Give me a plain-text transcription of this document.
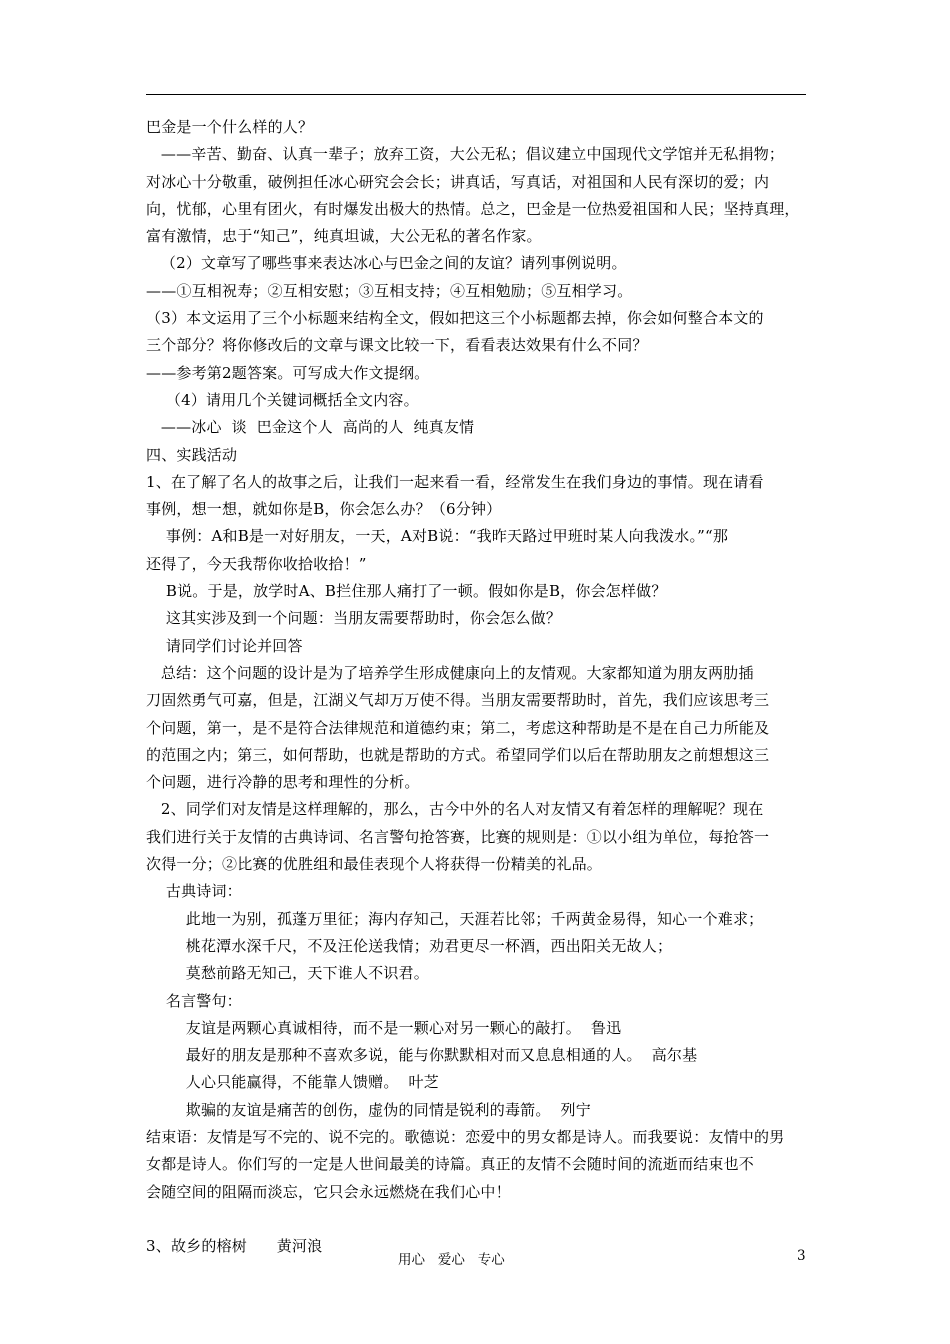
巴金是一个什么样的人？

——辛苦、勤奋、认真一辈子；放弃工资，大公无私；倡议建立中国现代文学馆并无私捐物；

对冰心十分敬重，破例担任冰心研究会会长；讲真话，写真话，对祖国和人民有深切的爱；内

向，忧郁，心里有团火，有时爆发出极大的热情。总之，巴金是一位热爱祖国和人民；坚持真理，

富有激情，忠于“知己”，纯真坦诚，大公无私的著名作家。

（2）文章写了哪些事来表达冰心与巴金之间的友谊？请列事例说明。

——①互相祝寿；②互相安慰；③互相支持；④互相勉励；⑤互相学习。

（3）本文运用了三个小标题来结构全文，假如把这三个小标题都去掉，你会如何整合本文的

三个部分？将你修改后的文章与课文比较一下，看看表达效果有什么不同？

——参考第2题答案。可写成大作文提纲。

（4）请用几个关键词概括全文内容。

——冰心  谈  巴金这个人  高尚的人  纯真友情

四、实践活动

1、在了解了名人的故事之后，让我们一起来看一看，经常发生在我们身边的事情。现在请看

事例，想一想，就如你是B，你会怎么办？（6分钟）

事例：A和B是一对好朋友，一天，A对B说：“我昨天路过甲班时某人向我泼水。”“那

还得了，今天我帮你收拾收拾！”

B说。于是，放学时A、B拦住那人痛打了一顿。假如你是B，你会怎样做？

这其实涉及到一个问题：当朋友需要帮助时，你会怎么做？

请同学们讨论并回答

总结：这个问题的设计是为了培养学生形成健康向上的友情观。大家都知道为朋友两肋插

刀固然勇气可嘉，但是，江湖义气却万万使不得。当朋友需要帮助时，首先，我们应该思考三

个问题，第一，是不是符合法律规范和道德约束；第二，考虑这种帮助是不是在自己力所能及

的范围之内；第三，如何帮助，也就是帮助的方式。希望同学们以后在帮助朋友之前想想这三

个问题，进行冷静的思考和理性的分析。

2、同学们对友情是这样理解的，那么，古今中外的名人对友情又有着怎样的理解呢？现在

我们进行关于友情的古典诗词、名言警句抢答赛，比赛的规则是：①以小组为单位，每抢答一

次得一分；②比赛的优胜组和最佳表现个人将获得一份精美的礼品。

古典诗词：

此地一为别，孤蓬万里征；海内存知己，天涯若比邻；千两黄金易得，知心一个难求；

桃花潭水深千尺，不及汪伦送我情；劝君更尽一杯酒，西出阳关无故人；

莫愁前路无知己，天下谁人不识君。

名言警句：

友谊是两颗心真诚相待，而不是一颗心对另一颗心的敲打。  鲁迅

最好的朋友是那种不喜欢多说，能与你默默相对而又息息相通的人。  高尔基

人心只能赢得，不能靠人馈赠。  叶芝

欺骗的友谊是痛苦的创伤，虚伪的同情是锐利的毒箭。  列宁

结束语：友情是写不完的、说不完的。歌德说：恋爱中的男女都是诗人。而我要说：友情中的男

女都是诗人。你们写的一定是人世间最美的诗篇。真正的友情不会随时间的流逝而结束也不

会随空间的阻隔而淡忘，它只会永远燃烧在我们心中！

3、故乡的榕树      黄河浪

用心   爱心   专心	3
